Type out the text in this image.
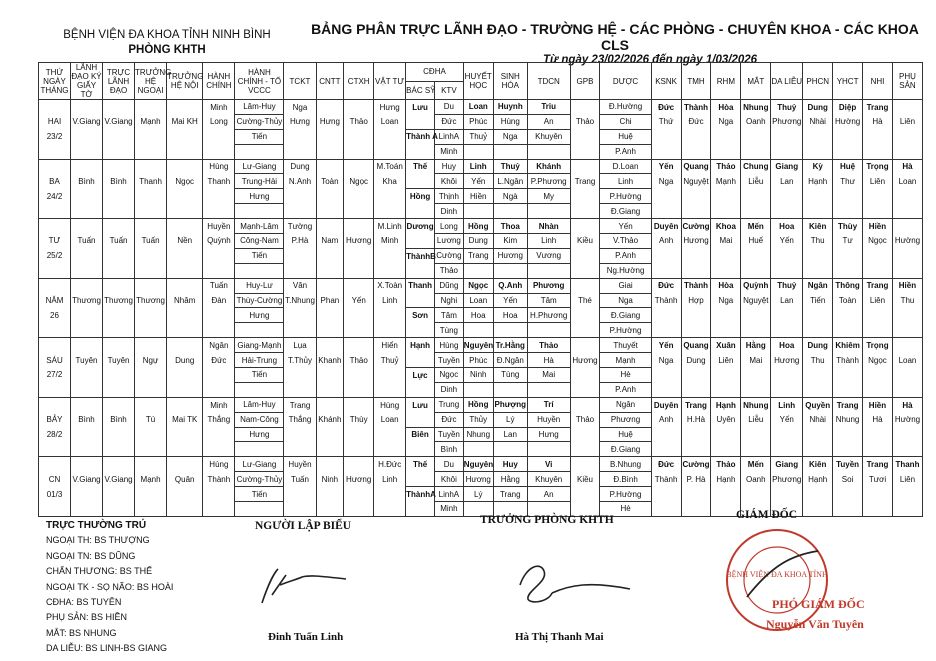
BỆNH VIỆN ĐA KHOA TỈNH NINH BÌNH
PHÒNG KHTH
BẢNG PHÂN TRỰC LÃNH ĐẠO - TRƯỜNG HỆ - CÁC PHÒNG - CHUYÊN KHOA - CÁC KHOA CLS
Từ ngày 23/02/2026 đến ngày 1/03/2026
THỨ NGÀY THÁNG	LÃNH ĐẠO KÝ GIẤY TỜ	TRỰC LÃNH ĐẠO	TRƯỞNG HỆ NGOẠI	TRƯỞNG HỆ NỘI	HÀNH CHÍNH	HÀNH CHÍNH - TỔ VCCC	TCKT	CNTT	CTXH	VẬT TƯ	CĐHA		HUYẾT HỌC	SINH HÓA	TDCN	GPB	DƯỢC	KSNK	TMH	RHM	MẮT	DA LIỄU	PHCN	YHCT	NHI	PHỤ SẢN
											BÁC SỸ	KTV														
					Minh	Lâm-Huy	Nga			Hưng	Lưu	Du	Loan	Huynh	Triu		Đ.Hường	Đức	Thành	Hòa	Nhung	Thuỷ	Dung	Diệp	Trang	
HAI	V.Giang	V.Giang	Mạnh	Mai KH	Long	Cường-Thủy	Hưng	Hưng	Thảo	Loan		Đức	Phúc	Hùng	An	Thảo	Chi	Thứ	Đức	Nga	Oanh	Phương	Nhài	Hường	Hà	Liên
23/2						Tiến					Thành A	LinhA	Thuỷ	Nga	Khuyên		Huệ									
												Minh					P.Anh									
					Hùng	Lư-Giang	Dung			M.Toán	Thế	Huy	Linh	Thuỷ	Khánh		D.Loan	Yến	Quang	Thảo	Chung	Giang	Kỳ	Huệ	Trọng	Hà
BA	Bình	Bình	Thanh	Ngọc	Thanh	Trung-Hải	N.Anh	Toàn	Ngọc	Kha		Khôi	Yến	L.Ngân	P.Phương	Trang	Linh	Nga	Nguyệt	Mạnh	Liễu	Lan	Hạnh	Thư	Liên	Loan
24/2						Hưng					Hồng	Thịnh	Hiền	Ngà	My		P.Hường									
												Dinh					Đ.Giang									
					Huyền	Mạnh-Lâm	Tường			M.Linh	Dương	Long	Hồng	Thoa	Nhàn		Yến	Duyên	Cường	Khoa	Mến	Hoa	Kiên	Thùy	Hiền	
TƯ	Tuấn	Tuấn	Tuấn	Nền	Quỳnh	Công-Nam	P.Hà	Nam	Hương	Minh		Lương	Dung	Kim	Linh	Kiều	V.Thảo	Anh	Hương	Mai	Huế	Yến	Thu	Tư	Ngọc	Hường
25/2						Tiến					ThànhB	Cường	Trang	Hương	Vương		P.Anh									
												Thảo					Ng.Hường									
					Tuấn	Huy-Lư	Vân			X.Toàn	Thanh	Dũng	Ngọc	Q.Anh	Phương		Giai	Đức	Thành	Hòa	Quỳnh	Thuỷ	Ngân	Thông	Trang	Hiền
NĂM	Thương	Thương	Thương	Nhâm	Đàn	Thùy-Cường	T.Nhung	Phan	Yến	Linh		Nghi	Loan	Yến	Tâm	Thé	Nga	Thành	Hợp	Nga	Nguyệt	Lan	Tiến	Toàn	Liên	Thu
26						Hưng					Sơn	Tâm	Hoa	Hoa	H.Phương		Đ.Giang									
												Tùng					P.Hường									
					Ngân	Giang-Mạnh	Lụa			Hiển	Hạnh	Hùng	Nguyên	Tr.Hằng	Thảo		Thuyết	Yến	Quang	Xuân	Hằng	Hoa	Dung	Khiêm	Trọng	
SÁU	Tuyên	Tuyên	Ngự	Dung	Đức	Hải-Trung	T.Thủy	Khanh	Thảo	Thuỷ		Tuyền	Phúc	Đ.Ngân	Hà	Hương	Mạnh	Nga	Dung	Liên	Mai	Hương	Thu	Thành	Ngọc	Loan
27/2						Tiến					Lực	Ngọc	Ninh	Tùng	Mai		Hè									
												Dinh					P.Anh									
					Minh	Lâm-Huy	Trang			Hùng	Lưu	Trung	Hồng	Phượng	Trí		Ngân	Duyên	Trang	Hạnh	Nhung	Linh	Quyền	Trang	Hiền	Hà
BẢY	Bình	Bình	Tú	Mai TK	Thắng	Nam-Công	Thắng	Khánh	Thùy	Loan		Đức	Thủy	Lý	Huyền	Thảo	Phương	Anh	H.Hà	Uyên	Liễu	Yến	Nhài	Nhung	Hà	Hường
28/2						Hưng					Biên	Tuyền	Nhung	Lan	Hưng		Huệ									
												Bình					Đ.Giang									
					Hùng	Lư-Giang	Huyền			H.Đức	Thế	Du	Nguyên	Huy	Vi		B.Nhung	Đức	Cường	Thảo	Mến	Giang	Kiên	Tuyền	Trang	Thanh
CN	V.Giang	V.Giang	Mạnh	Quân	Thành	Cường-Thủy	Tuấn	Ninh	Hương	Linh		Khôi	Hương	Hằng	Khuyên	Kiều	Đ.Bình	Thành	P. Hà	Hạnh	Oanh	Phương	Hạnh	Soi	Tươi	Liên
01/3						Tiến					ThànhA	LinhA	Lý	Trang	An		P.Hường									
												Minh					Hè									
TRỰC THƯỜNG TRÚ
NGOẠI TH: BS THƯỢNG
NGOẠI TN: BS DŨNG
CHẤN THƯƠNG: BS THẾ
NGOẠI TK - SỌ NÃO: BS HOÀI
CĐHA: BS TUYÊN
PHỤ SẢN: BS HIỀN
MẮT: BS NHUNG
DA LIỄU: BS LINH-BS GIANG
NGƯỜI LẬP BIỂU
Đinh Tuấn Linh
TRƯỞNG PHÒNG KHTH
Hà Thị Thanh Mai
GIÁM ĐỐC
BỆNH VIỆN ĐA KHOA TỈNH
PHÓ GIÁM ĐỐC
Nguyễn Văn Tuyên
